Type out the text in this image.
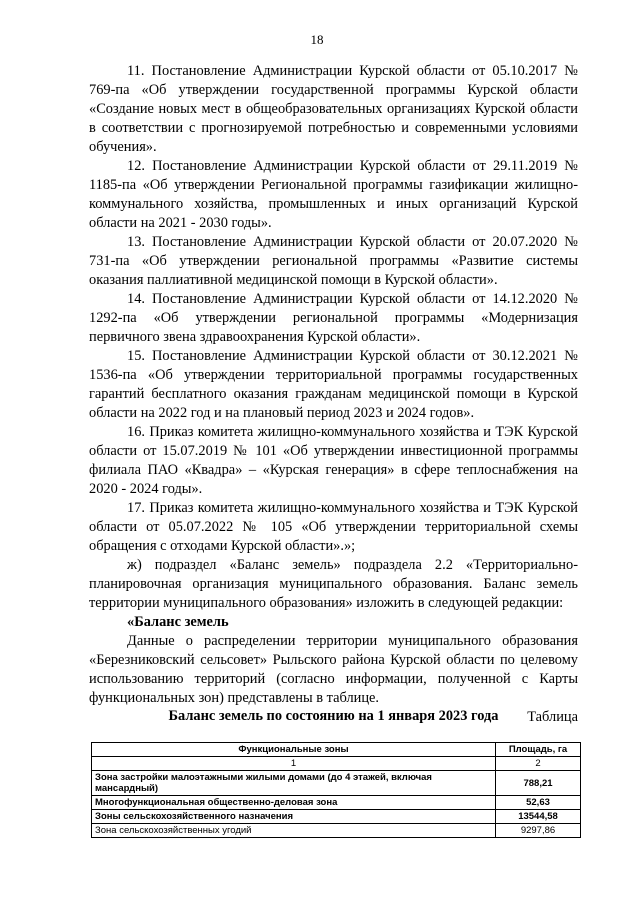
18

11. Постановление Администрации Курской области от 05.10.2017 № 769-па «Об утверждении государственной программы Курской области «Создание новых мест в общеобразовательных организациях Курской области в соответствии с прогнозируемой потребностью и современными условиями обучения».

12. Постановление Администрации Курской области от 29.11.2019 № 1185-па «Об утверждении Региональной программы газификации жилищно-коммунального хозяйства, промышленных и иных организаций Курской области на 2021 - 2030 годы».

13. Постановление Администрации Курской области от 20.07.2020 № 731-па «Об утверждении региональной программы «Развитие системы оказания паллиативной медицинской помощи в Курской области».

14. Постановление Администрации Курской области от 14.12.2020 № 1292-па «Об утверждении региональной программы «Модернизация первичного звена здравоохранения Курской области».

15. Постановление Администрации Курской области от 30.12.2021 № 1536-па «Об утверждении территориальной программы государственных гарантий бесплатного оказания гражданам медицинской помощи в Курской области на 2022 год и на плановый период 2023 и 2024 годов».

16. Приказ комитета жилищно-коммунального хозяйства и ТЭК Курской области от 15.07.2019 № 101 «Об утверждении инвестиционной программы филиала ПАО «Квадра» – «Курская генерация» в сфере теплоснабжения на 2020 - 2024 годы».

17. Приказ комитета жилищно-коммунального хозяйства и ТЭК Курской области от 05.07.2022 № 105 «Об утверждении территориальной схемы обращения с отходами Курской области».»;

ж) подраздел «Баланс земель» подраздела 2.2 «Территориально-планировочная организация муниципального образования. Баланс земель территории муниципального образования» изложить в следующей редакции:

«Баланс земель

Данные о распределении территории муниципального образования «Березниковский сельсовет» Рыльского района Курской области по целевому использованию территорий (согласно информации, полученной с Карты функциональных зон) представлены в таблице.

Таблица

Баланс земель по состоянию на 1 января 2023 года
Функциональные зоны	Площадь, га
1	2
Зона застройки малоэтажными жилыми домами (до 4 этажей, включая мансардный)	788,21
Многофункциональная общественно-деловая зона	52,63
Зоны сельскохозяйственного назначения	13544,58
Зона сельскохозяйственных угодий	9297,86
